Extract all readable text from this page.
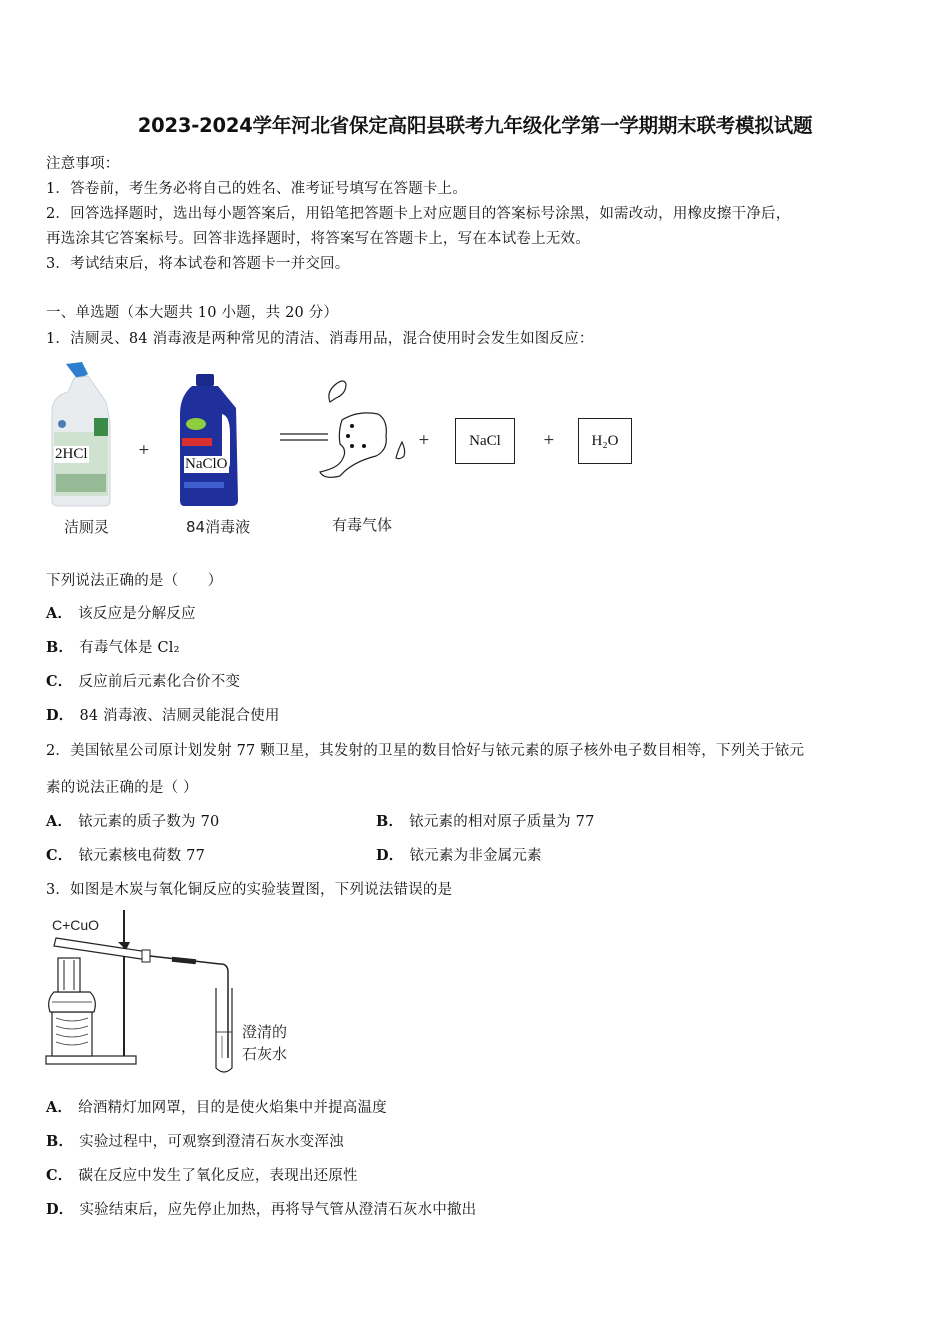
2023-2024学年河北省保定高阳县联考九年级化学第一学期期末联考模拟试题
注意事项：
1．答卷前，考生务必将自己的姓名、准考证号填写在答题卡上。
2．回答选择题时，选出每小题答案后，用铅笔把答题卡上对应题目的答案标号涂黑，如需改动，用橡皮擦干净后，
再选涂其它答案标号。回答非选择题时，将答案写在答题卡上，写在本试卷上无效。
3．考试结束后，将本试卷和答题卡一并交回。
一、单选题（本大题共 10 小题，共 20 分）
1．洁厕灵、84 消毒液是两种常见的清洁、消毒用品，混合使用时会发生如图反应：
2HCl
洁厕灵
+
NaClO
84消毒液	有毒气体
+	NaCl	+ H₂O
下列说法正确的是（　　）
A． 该反应是分解反应
B． 有毒气体是 Cl₂
C． 反应前后元素化合价不变
D． 84 消毒液、洁厕灵能混合使用
2．美国铱星公司原计划发射 77 颗卫星，其发射的卫星的数目恰好与铱元素的原子核外电子数目相等，下列关于铱元
素的说法正确的是（ ）
A． 铱元素的质子数为 70	B． 铱元素的相对原子质量为 77
C． 铱元素核电荷数 77	D． 铱元素为非金属元素
3．如图是木炭与氧化铜反应的实验装置图，下列说法错误的是
C+CuO
澄清的
石灰水
A． 给酒精灯加网罩，目的是使火焰集中并提高温度
B． 实验过程中，可观察到澄清石灰水变浑浊
C． 碳在反应中发生了氧化反应，表现出还原性
D． 实验结束后，应先停止加热，再将导气管从澄清石灰水中撤出
